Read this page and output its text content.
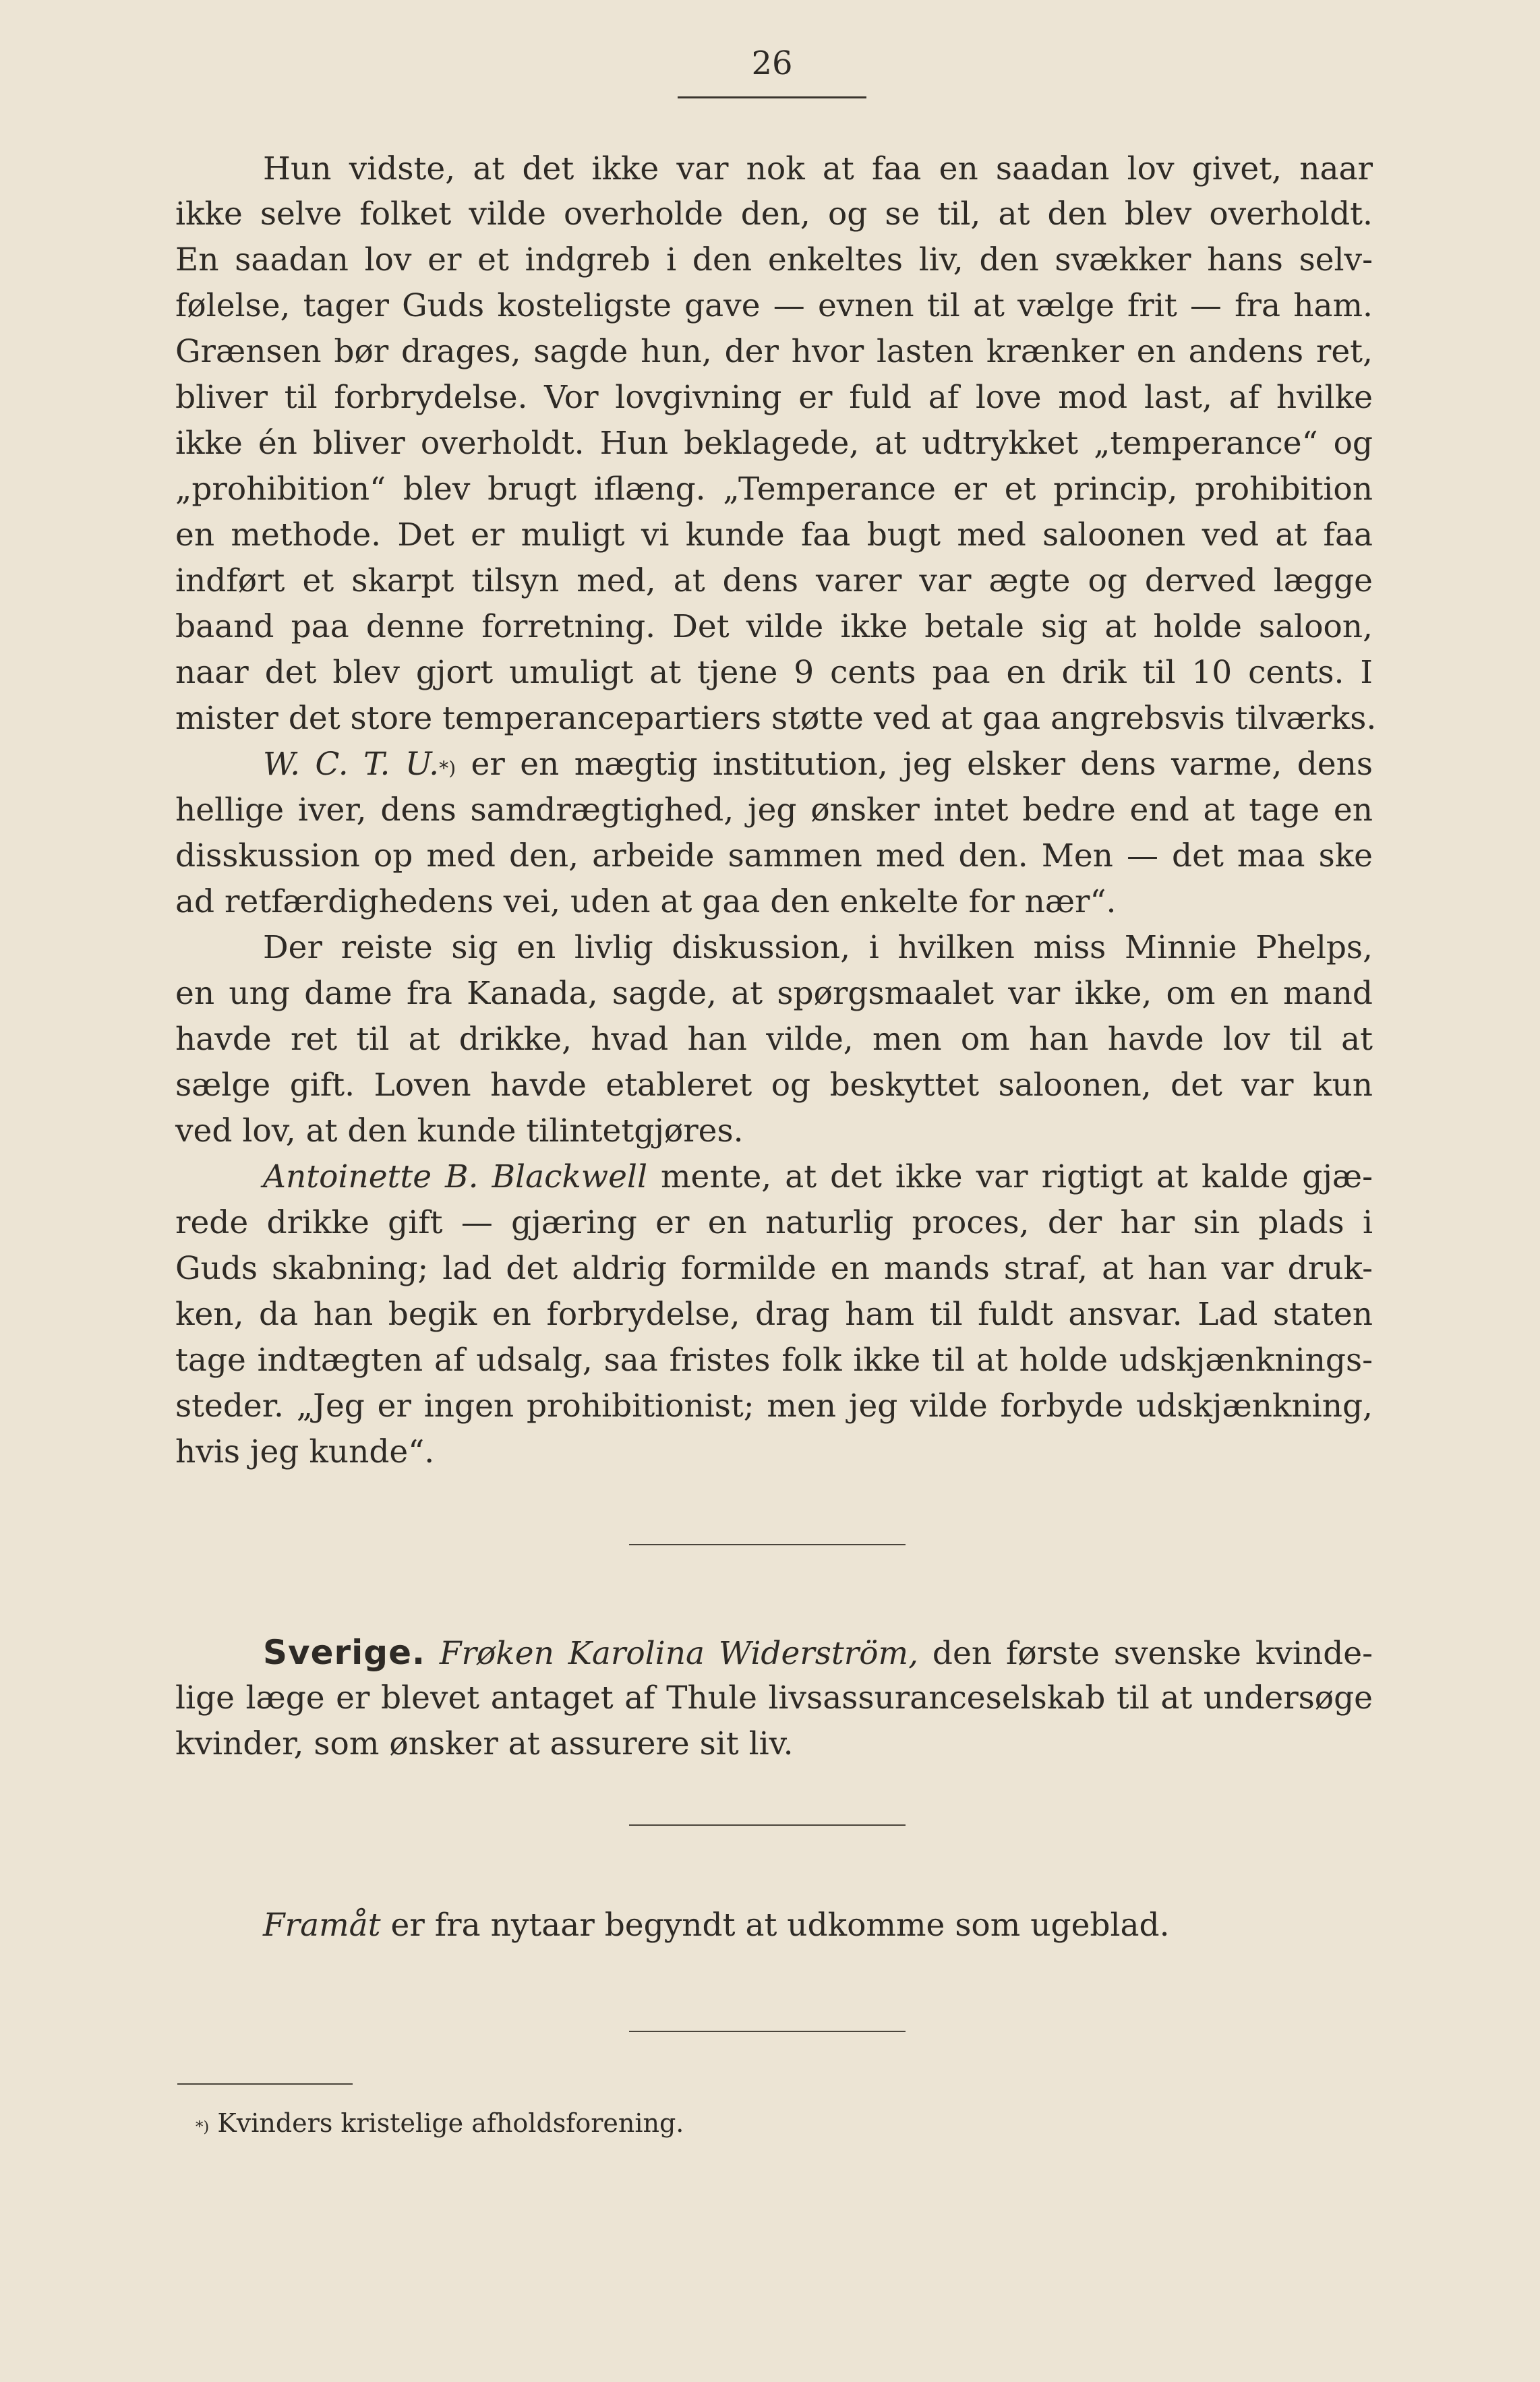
26
Hun vidste, at det ikke var nok at faa en saadan lov givet, naar
ikke selve folket vilde overholde den, og se til, at den blev overholdt.
En saadan lov er et indgreb i den enkeltes liv, den svækker hans selv-
følelse, tager Guds kosteligste gave — evnen til at vælge frit — fra ham.
Grænsen bør drages, sagde hun, der hvor lasten krænker en andens ret,
bliver til forbrydelse. Vor lovgivning er fuld af love mod last, af hvilke
ikke én bliver overholdt. Hun beklagede, at udtrykket „temperance“ og
„prohibition“ blev brugt iflæng. „Temperance er et princip, prohibition
en methode. Det er muligt vi kunde faa bugt med saloonen ved at faa
indført et skarpt tilsyn med, at dens varer var ægte og derved lægge
baand paa denne forretning. Det vilde ikke betale sig at holde saloon,
naar det blev gjort umuligt at tjene 9 cents paa en drik til 10 cents. I
mister det store temperancepartiers støtte ved at gaa angrebsvis tilværks.
W. C. T. U.*) er en mægtig institution, jeg elsker dens varme, dens
hellige iver, dens samdrægtighed, jeg ønsker intet bedre end at tage en
disskussion op med den, arbeide sammen med den. Men — det maa ske
ad retfærdighedens vei, uden at gaa den enkelte for nær“.
Der reiste sig en livlig diskussion, i hvilken miss Minnie Phelps,
en ung dame fra Kanada, sagde, at spørgsmaalet var ikke, om en mand
havde ret til at drikke, hvad han vilde, men om han havde lov til at
sælge gift. Loven havde etableret og beskyttet saloonen, det var kun
ved lov, at den kunde tilintetgjøres.
Antoinette B. Blackwell mente, at det ikke var rigtigt at kalde gjæ-
rede drikke gift — gjæring er en naturlig proces, der har sin plads i
Guds skabning; lad det aldrig formilde en mands straf, at han var druk-
ken, da han begik en forbrydelse, drag ham til fuldt ansvar. Lad staten
tage indtægten af udsalg, saa fristes folk ikke til at holde udskjænknings-
steder. „Jeg er ingen prohibitionist; men jeg vilde forbyde udskjænkning,
hvis jeg kunde“.
Sverige. Frøken Karolina Widerström, den første svenske kvinde-
lige læge er blevet antaget af Thule livsassuranceselskab til at undersøge
kvinder, som ønsker at assurere sit liv.
Framåt er fra nytaar begyndt at udkomme som ugeblad.
*) Kvinders kristelige afholdsforening.
